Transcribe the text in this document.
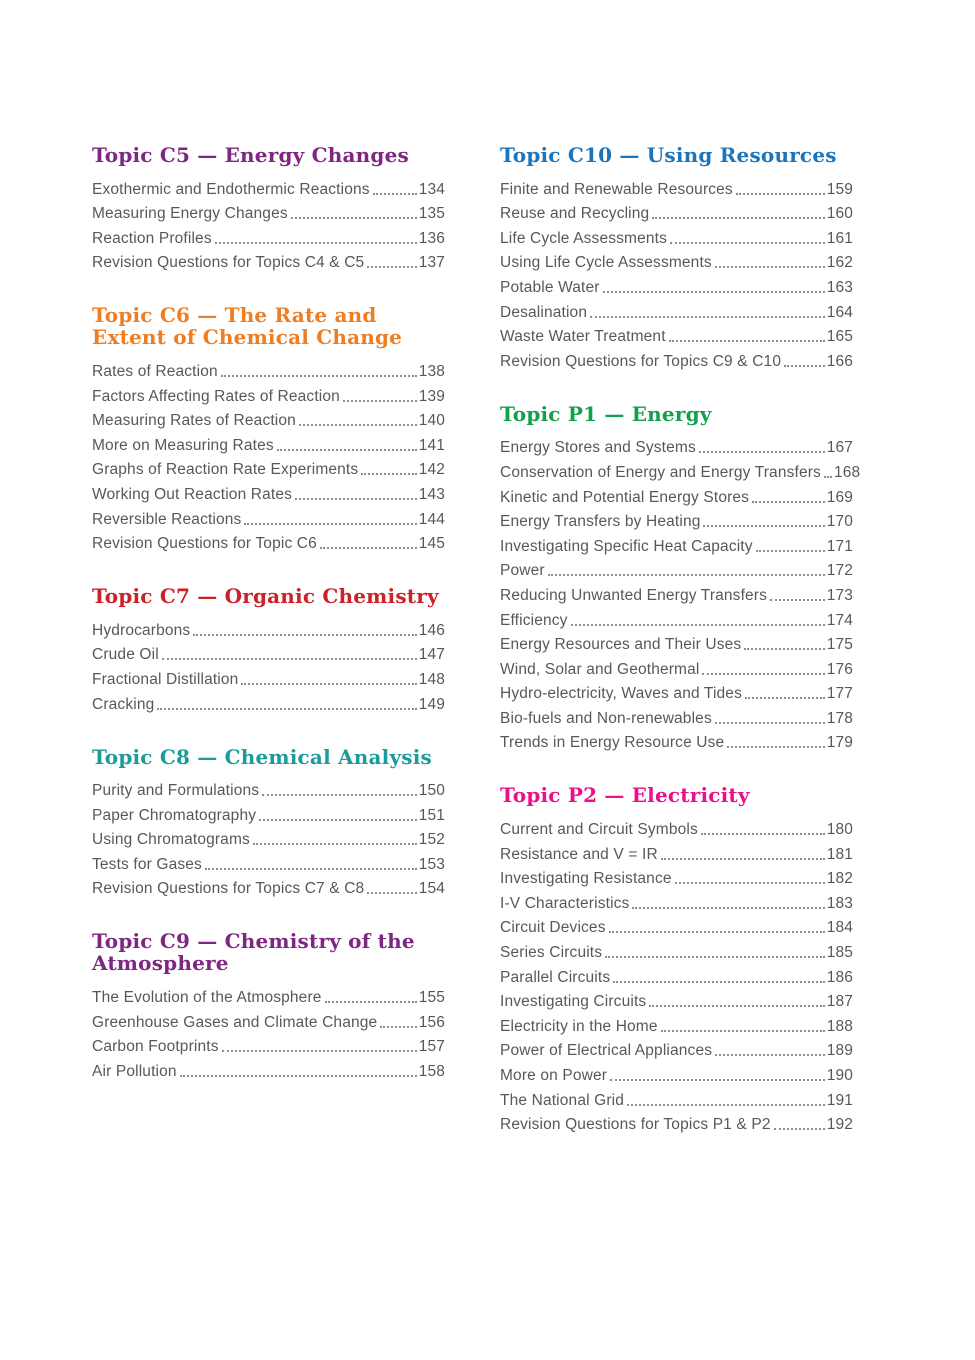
Topic C5 — Energy Changes
Exothermic and Endothermic Reactions	134
Measuring Energy Changes	135
Reaction Profiles	136
Revision Questions for Topics C4 & C5	137
Topic C6 — The Rate and Extent of Chemical Change
Rates of Reaction	138
Factors Affecting Rates of Reaction	139
Measuring Rates of Reaction	140
More on Measuring Rates	141
Graphs of Reaction Rate Experiments	142
Working Out Reaction Rates	143
Reversible Reactions	144
Revision Questions for Topic C6	145
Topic C7 — Organic Chemistry
Hydrocarbons	146
Crude Oil	147
Fractional Distillation	148
Cracking	149
Topic C8 — Chemical Analysis
Purity and Formulations	150
Paper Chromatography	151
Using Chromatograms	152
Tests for Gases	153
Revision Questions for Topics C7 & C8	154
Topic C9 — Chemistry of the Atmosphere
The Evolution of the Atmosphere	155
Greenhouse Gases and Climate Change	156
Carbon Footprints	157
Air Pollution	158
Topic C10 — Using Resources
Finite and Renewable Resources	159
Reuse and Recycling	160
Life Cycle Assessments	161
Using Life Cycle Assessments	162
Potable Water	163
Desalination	164
Waste Water Treatment	165
Revision Questions for Topics C9 & C10	166
Topic P1 — Energy
Energy Stores and Systems	167
Conservation of Energy and Energy Transfers 168
Kinetic and Potential Energy Stores	169
Energy Transfers by Heating	170
Investigating Specific Heat Capacity	171
Power	172
Reducing Unwanted Energy Transfers	173
Efficiency	174
Energy Resources and Their Uses	175
Wind, Solar and Geothermal	176
Hydro-electricity, Waves and Tides	177
Bio-fuels and Non-renewables	178
Trends in Energy Resource Use	179
Topic P2 — Electricity
Current and Circuit Symbols	180
Resistance and V = IR	181
Investigating Resistance	182
I-V Characteristics	183
Circuit Devices	184
Series Circuits	185
Parallel Circuits	186
Investigating Circuits	187
Electricity in the Home	188
Power of Electrical Appliances	189
More on Power	190
The National Grid	191
Revision Questions for Topics P1 & P2	192
